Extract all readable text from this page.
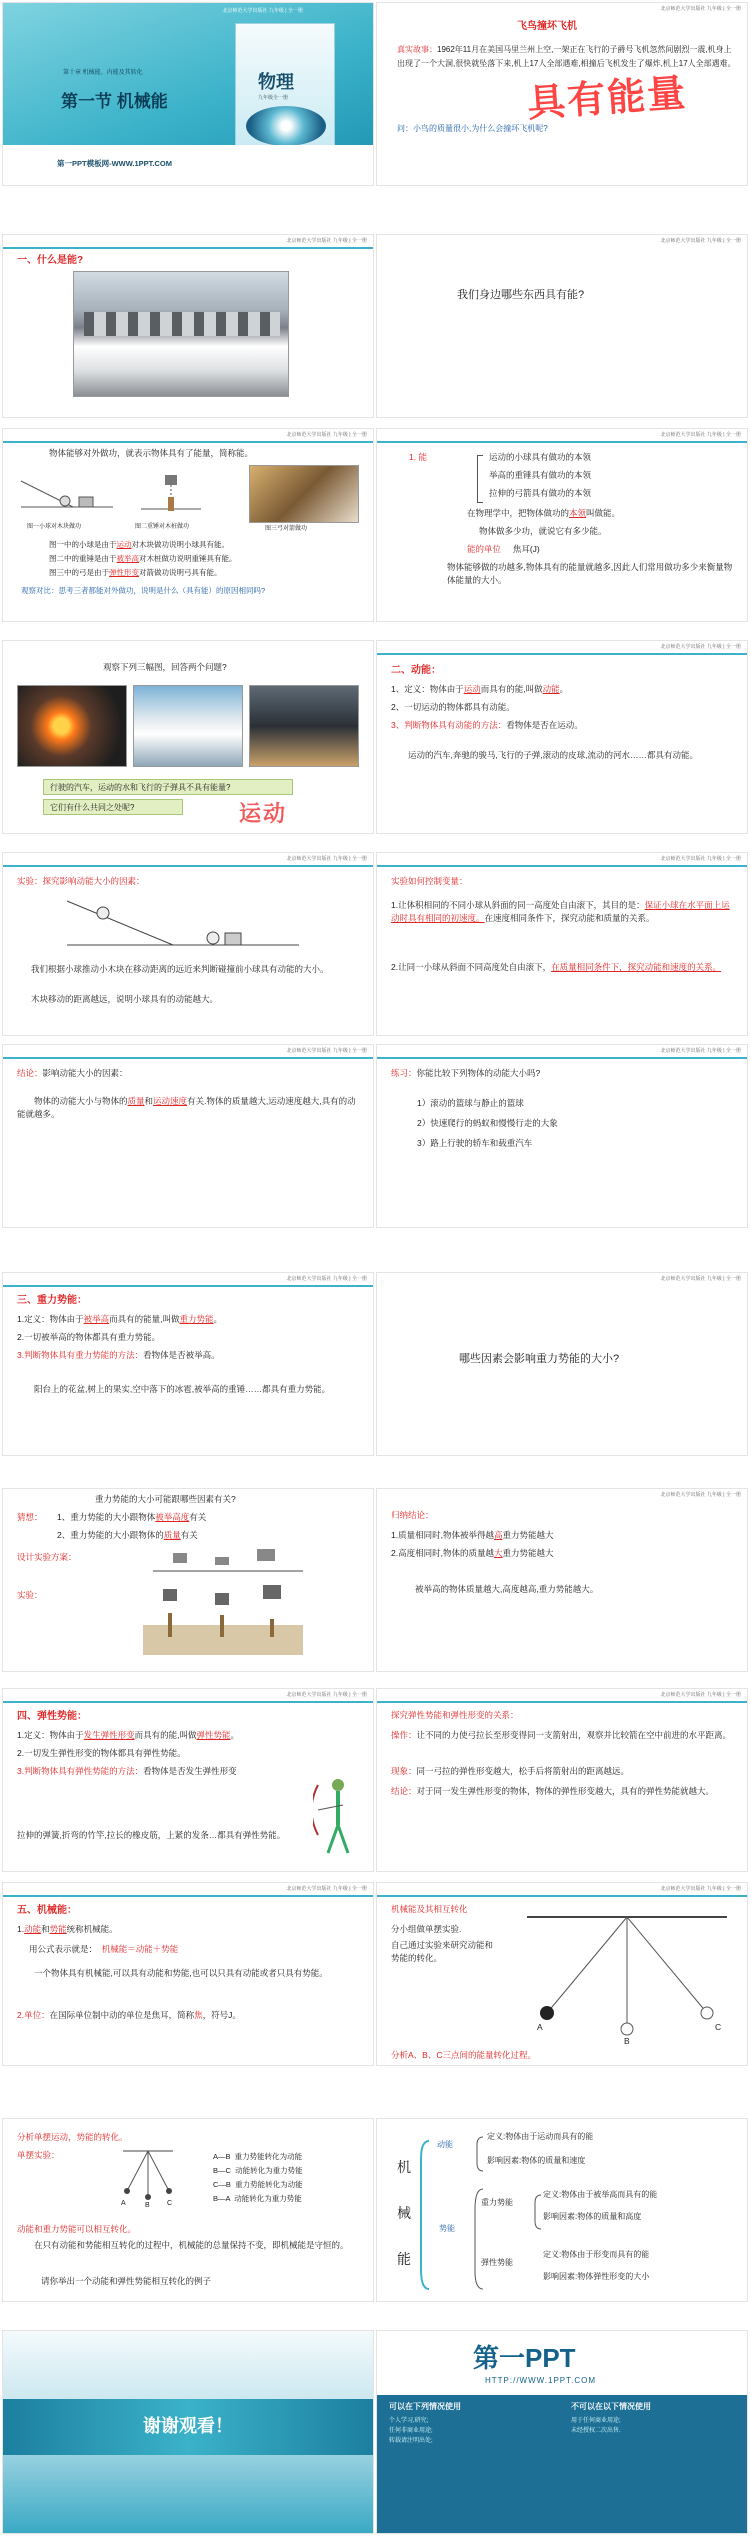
北京师范大学出版社 九年级 | 全一册
第十章 机械能、内能及其转化
第一节 机械能
物理
九年级全一册
第一PPT模板网-WWW.1PPT.COM
北京师范大学出版社 九年级 | 全一册
飞鸟撞坏飞机
真实故事：1962年11月在美国马里兰州上空,一架正在飞行的子爵号飞机忽然间剧烈一震,机身上出现了一个大洞,很快就坠落下来,机上17人全部遇难,相撞后飞机发生了爆炸,机上17人全部遇难。
问：小鸟的质量很小,为什么会撞坏飞机呢?
具有能量
北京师范大学出版社 九年级 | 全一册
一、什么是能?
北京师范大学出版社 九年级 | 全一册
我们身边哪些东西具有能?
北京师范大学出版社 九年级 | 全一册
物体能够对外做功，就表示物体具有了能量，简称能。
图一小球对木块做功	图二重锤对木桩做功	图三弓对箭做功
图一中的小球是由于运动对木块做功说明小球具有能。
图二中的重锤是由于被举高对木桩做功说明重锤具有能。
图三中的弓是由于弹性形变对箭做功说明弓具有能。
观察对比：思考三者都能对外做功，说明是什么（具有能）的原因相同吗?
北京师范大学出版社 九年级 | 全一册
1. 能	运动的小球具有做功的本领
举高的重锤具有做功的本领
拉伸的弓箭具有做功的本领
在物理学中，把物体做功的本领叫做能。
物体做多少功，就说它有多少能。
能的单位 焦耳(J)
物体能够做的功越多,物体具有的能量就越多,因此人们常用做功多少来衡量物体能量的大小。
观察下列三幅图，回答两个问题?
行驶的汽车，运动的水和飞行的子弹具不具有能量?
它们有什么共同之处呢?	运动
北京师范大学出版社 九年级 | 全一册
二、动能：
1、定义：物体由于运动而具有的能,叫做动能。
2、一切运动的物体都具有动能。
3、判断物体具有动能的方法：看物体是否在运动。
运动的汽车,奔驰的骏马,飞行的子弹,滚动的皮球,流动的河水……都具有动能。
北京师范大学出版社 九年级 | 全一册
实验：探究影响动能大小的因素：
我们根据小球推动小木块在移动距离的远近来判断碰撞前小球具有动能的大小。
木块移动的距离越远，说明小球具有的动能越大。
北京师范大学出版社 九年级 | 全一册
实验如何控制变量：
1.让体积相同的不同小球从斜面的同一高度处自由滚下，其目的是：保证小球在水平面上运动时具有相同的初速度。在速度相同条件下，探究动能和质量的关系。
2.让同一小球从斜面不同高度处自由滚下，在质量相同条件下，探究动能和速度的关系。
北京师范大学出版社 九年级 | 全一册
结论：影响动能大小的因素：
物体的动能大小与物体的质量和运动速度有关.物体的质量越大,运动速度越大,具有的动能就越多。
北京师范大学出版社 九年级 | 全一册
练习：你能比较下列物体的动能大小吗?
1）滚动的篮球与静止的篮球
2）快速爬行的蚂蚁和慢慢行走的大象
3）路上行驶的轿车和载重汽车
北京师范大学出版社 九年级 | 全一册
三、重力势能：
1.定义：物体由于被举高而具有的能量,叫做重力势能。
2.一切被举高的物体都具有重力势能。
3.判断物体具有重力势能的方法：看物体是否被举高。
阳台上的花盆,树上的果实,空中落下的冰雹,被举高的重锤……都具有重力势能。
北京师范大学出版社 九年级 | 全一册
哪些因素会影响重力势能的大小?
重力势能的大小可能跟哪些因素有关?
猜想： 1、重力势能的大小跟物体被举高度有关
2、重力势能的大小跟物体的质量有关
设计实验方案：
实验：
北京师范大学出版社 九年级 | 全一册
归纳结论：
1.质量相同时,物体被举得越高重力势能越大
2.高度相同时,物体的质量越大重力势能越大
被举高的物体质量越大,高度越高,重力势能越大。
北京师范大学出版社 九年级 | 全一册
四、弹性势能：
1.定义：物体由于发生弹性形变而具有的能,叫做弹性势能。
2.一切发生弹性形变的物体都具有弹性势能。
3.判断物体具有弹性势能的方法：看物体是否发生弹性形变
拉伸的弹簧,折弯的竹竿,拉长的橡皮筋，上紧的发条…都具有弹性势能。
北京师范大学出版社 九年级 | 全一册
探究弹性势能和弹性形变的关系：
操作：让不同的力使弓拉长至形变得同一支箭射出，观察并比较箭在空中前进的水平距离。
现象：同一弓拉的弹性形变越大，松手后将箭射出的距离越远。
结论：对于同一发生弹性形变的物体，物体的弹性形变越大，具有的弹性势能就越大。
北京师范大学出版社 九年级 | 全一册
五、机械能：
1.动能和势能统称机械能。
用公式表示就是： 机械能＝动能＋势能
一个物体具有机械能,可以具有动能和势能,也可以只具有动能或者只具有势能。
2.单位：在国际单位制中动的单位是焦耳，简称焦，符号J。
北京师范大学出版社 九年级 | 全一册
机械能及其相互转化
分小组做单摆实验.
自己通过实验来研究动能和势能的转化。
A
B
C
分析A、B、C三点间的能量转化过程。
分析单摆运动，势能的转化。
单摆实验：
A	B C
A—B  重力势能转化为动能
B—C  动能转化为重力势能
C—B  重力势能转化为动能
B—A  动能转化为重力势能
动能和重力势能可以相互转化。
在只有动能和势能相互转化的过程中，机械能的总量保持不变，即机械能是守恒的。
请你举出一个动能和弹性势能相互转化的例子
机
械
能
动能
定义:物体由于运动而具有的能
影响因素:物体的质量和速度
势能
重力势能
定义:物体由于被举高而具有的能
影响因素:物体的质量和高度
弹性势能
定义:物体由于形变而具有的能
影响因素:物体弹性形变的大小
谢谢观看！
第一PPT
HTTP://WWW.1PPT.COM
可以在下列情况使用	不可以在以下情况使用
个人学习,研究;
任何非商业用途;
转载请注明出处;
用于任何商业用途;
未经授权二次出售.
